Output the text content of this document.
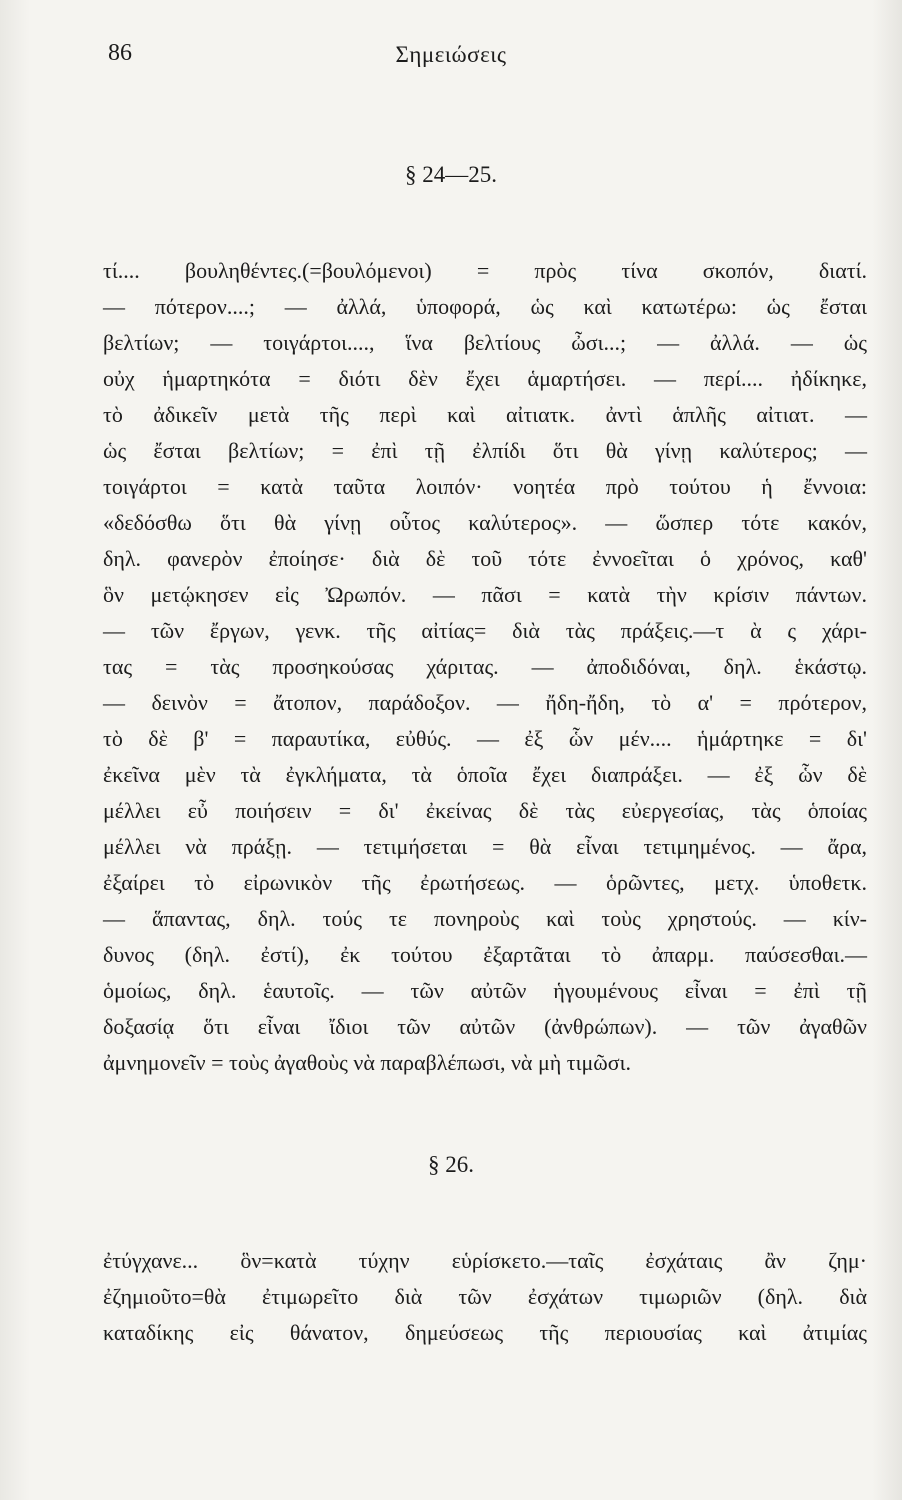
86	Σημειώσεις
§ 24—25.
τί.... βουληθέντες.(=βουλόμενοι) = πρὸς τίνα σκοπόν, διατί.
— πότερον....; — ἀλλά, ὑποφορά, ὡς καὶ κατωτέρω: ὡς ἔσται
βελτίων; — τοιγάρτοι...., ἵνα βελτίους ὦσι...; — ἀλλά. — ὡς
οὐχ ἡμαρτηκότα = διότι δὲν ἔχει ἁμαρτήσει. — περί.... ἠδίκηκε,
τὸ ἀδικεῖν μετὰ τῆς περὶ καὶ αἰτιατκ. ἀντὶ ἁπλῆς αἰτιατ. —
ὡς ἔσται βελτίων; = ἐπὶ τῇ ἐλπίδι ὅτι θὰ γίνῃ καλύτερος; —
τοιγάρτοι = κατὰ ταῦτα λοιπόν· νοητέα πρὸ τούτου ἡ ἔννοια:
«δεδόσθω ὅτι θὰ γίνῃ οὗτος καλύτερος». — ὥσπερ τότε κακόν,
δηλ. φανερὸν ἐποίησε· διὰ δὲ τοῦ τότε ἐννοεῖται ὁ χρόνος, καθ'
ὃν μετῴκησεν εἰς Ὠρωπόν. — πᾶσι = κατὰ τὴν κρίσιν πάντων.
— τῶν ἔργων, γενκ. τῆς αἰτίας= διὰ τὰς πράξεις.—τ ὰ ς χάρι-
τας = τὰς προσηκούσας χάριτας. — ἀποδιδόναι, δηλ. ἑκάστῳ.
— δεινὸν = ἄτοπον, παράδοξον. — ἤδη-ἤδη, τὸ α' = πρότερον,
τὸ δὲ β' = παραυτίκα, εὐθύς. — ἐξ ὧν μέν.... ἡμάρτηκε = δι'
ἐκεῖνα μὲν τὰ ἐγκλήματα, τὰ ὁποῖα ἔχει διαπράξει. — ἐξ ὧν δὲ
μέλλει εὖ ποιήσειν = δι' ἐκείνας δὲ τὰς εὐεργεσίας, τὰς ὁποίας
μέλλει νὰ πράξῃ. — τετιμήσεται = θὰ εἶναι τετιμημένος. — ἄρα,
ἐξαίρει τὸ εἰρωνικὸν τῆς ἐρωτήσεως. — ὁρῶντες, μετχ. ὑποθετκ.
— ἅπαντας, δηλ. τούς τε πονηροὺς καὶ τοὺς χρηστούς. — κίν-
δυνος (δηλ. ἐστί), ἐκ τούτου ἐξαρτᾶται τὸ ἀπαρμ. παύσεσθαι.—
ὁμοίως, δηλ. ἑαυτοῖς. — τῶν αὐτῶν ἡγουμένους εἶναι = ἐπὶ τῇ
δοξασίᾳ ὅτι εἶναι ἴδιοι τῶν αὐτῶν (ἀνθρώπων). — τῶν ἀγαθῶν
ἀμνημονεῖν = τοὺς ἀγαθοὺς νὰ παραβλέπωσι, νὰ μὴ τιμῶσι.
§ 26.
ἐτύγχανε... ὃν=κατὰ τύχην εὑρίσκετο.—ταῖς ἐσχάταις ἂν ζημ·
ἐζημιοῦτο=θὰ ἐτιμωρεῖτο διὰ τῶν ἐσχάτων τιμωριῶν (δηλ. διὰ
καταδίκης εἰς θάνατον, δημεύσεως τῆς περιουσίας καὶ ἀτιμίας
